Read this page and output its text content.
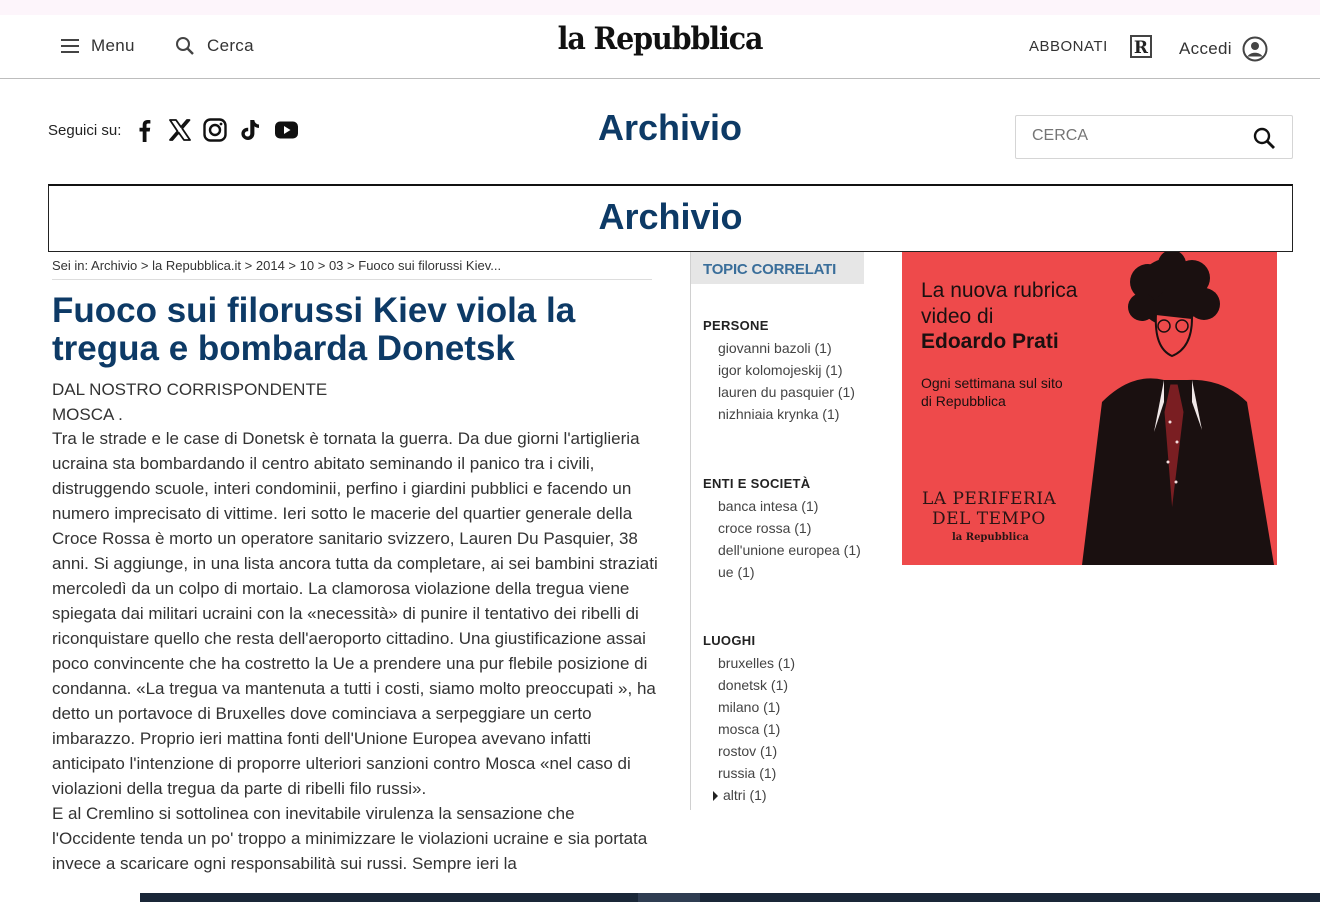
Menu	Cerca	la Repubblica	ABBONATI R Accedi
Seguici su:	Archivio
CERCA
Archivio
Sei in: Archivio > la Repubblica.it > 2014 > 10 > 03 > Fuoco sui filorussi Kiev...
Fuoco sui filorussi Kiev viola la tregua e bombarda Donetsk
DAL NOSTRO CORRISPONDENTE
MOSCA .

Tra le strade e le case di Donetsk è tornata la guerra. Da due giorni l'artiglieria ucraina sta bombardando il centro abitato seminando il panico tra i civili, distruggendo scuole, interi condominii, perfino i giardini pubblici e facendo un numero imprecisato di vittime. Ieri sotto le macerie del quartier generale della Croce Rossa è morto un operatore sanitario svizzero, Lauren Du Pasquier, 38 anni. Si aggiunge, in una lista ancora tutta da completare, ai sei bambini straziati mercoledì da un colpo di mortaio. La clamorosa violazione della tregua viene spiegata dai militari ucraini con la «necessità» di punire il tentativo dei ribelli di riconquistare quello che resta dell'aeroporto cittadino. Una giustificazione assai poco convincente che ha costretto la Ue a prendere una pur flebile posizione di condanna. «La tregua va mantenuta a tutti i costi, siamo molto preoccupati », ha detto un portavoce di Bruxelles dove cominciava a serpeggiare un certo imbarazzo. Proprio ieri mattina fonti dell'Unione Europea avevano infatti anticipato l'intenzione di proporre ulteriori sanzioni contro Mosca «nel caso di violazioni della tregua da parte di ribelli filo russi».

E al Cremlino si sottolinea con inevitabile virulenza la sensazione che l'Occidente tenda un po' troppo a minimizzare le violazioni ucraine e sia portata invece a scaricare ogni responsabilità sui russi. Sempre ieri la

TOPIC CORRELATI
PERSONE
giovanni bazoli (1)
igor kolomojeskij (1)
lauren du pasquier (1)
nizhniaia krynka (1)
ENTI E SOCIETÀ
banca intesa (1)
croce rossa (1)
dell'unione europea (1)
ue (1)
LUOGHI
bruxelles (1)
donetsk (1)
milano (1)
mosca (1)
rostov (1)
russia (1)
altri (1)
La nuova rubrica
video di
Edoardo Prati
Ogni settimana sul sito
di Repubblica
LA PERIFERIA
DEL TEMPO
la Repubblica
